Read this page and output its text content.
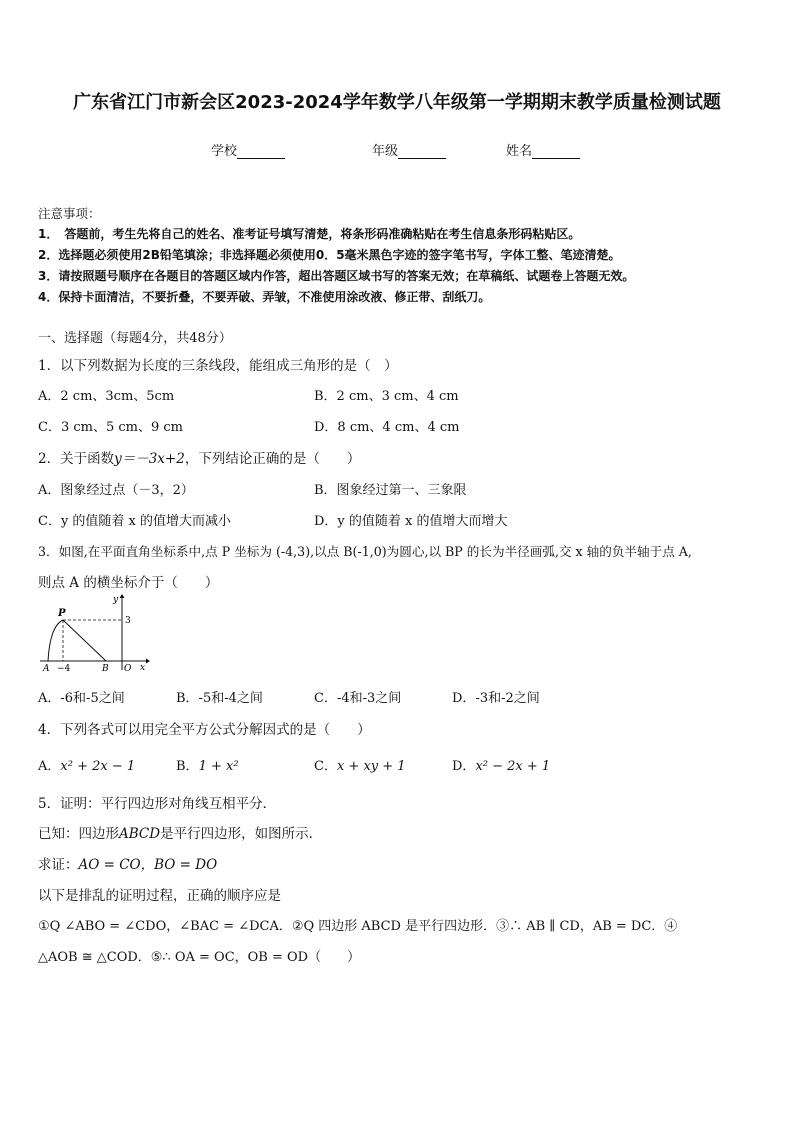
广东省江门市新会区2023-2024学年数学八年级第一学期期末教学质量检测试题
学校	年级	姓名
注意事项：
1．　答题前，考生先将自己的姓名、准考证号填写清楚，将条形码准确粘贴在考生信息条形码粘贴区。
2．选择题必须使用2B铅笔填涂；非选择题必须使用0．5毫米黑色字迹的签字笔书写，字体工整、笔迹清楚。
3．请按照题号顺序在各题目的答题区域内作答，超出答题区域书写的答案无效；在草稿纸、试题卷上答题无效。
4．保持卡面清洁，不要折叠，不要弄破、弄皱，不准使用涂改液、修正带、刮纸刀。
一、选择题（每题4分，共48分）
1．以下列数据为长度的三条线段，能组成三角形的是（　）
A．2 cm、3cm、5cm	B．2 cm、3 cm、4 cm
C．3 cm、5 cm、9 cm	D．8 cm、4 cm、4 cm
2．关于函数y＝－3x+2，下列结论正确的是（　　）
A．图象经过点（－3，2）	B．图象经过第一、三象限
C．y 的值随着 x 的值增大而减小	D．y 的值随着 x 的值增大而增大
3．如图,在平面直角坐标系中,点 P 坐标为 (-4,3),以点 B(-1,0)为圆心,以 BP 的长为半径画弧,交 x 轴的负半轴于点 A,
则点 A 的横坐标介于（　　）
P
y
3
A −4	B O x
A．-6和-5之间	B．-5和-4之间	C．-4和-3之间	D．-3和-2之间
4．下列各式可以用完全平方公式分解因式的是（　　）
A．x² + 2x − 1	B．1 + x²	C．x + xy + 1	D．x² − 2x + 1
5．证明：平行四边形对角线互相平分．
已知：四边形ABCD是平行四边形，如图所示．
求证：AO = CO，BO = DO
以下是排乱的证明过程，正确的顺序应是
①Q ∠ABO = ∠CDO，∠BAC = ∠DCA．②Q 四边形 ABCD 是平行四边形．③∴ AB ∥ CD，AB = DC．④
△AOB ≅ △COD．⑤∴ OA = OC，OB = OD（　　）
